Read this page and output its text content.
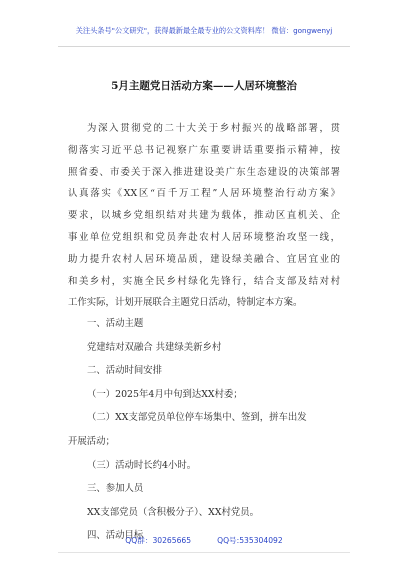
关注头条号"公文研究"，获得最新最全最专业的公文资料库！ 微信：gongwenyj
5月主题党日活动方案——人居环境整治
为深入贯彻党的二十大关于乡村振兴的战略部署，贯
彻落实习近平总书记视察广东重要讲话重要指示精神，按
照省委、市委关于深入推进建设美广东生态建设的决策部署
认真落实《XX区“百千万工程”人居环境整治行动方案》
要求，以城乡党组织结对共建为载体，推动区直机关、企
事业单位党组织和党员奔赴农村人居环境整治攻坚一线，
助力提升农村人居环境品质，建设绿美融合、宜居宜业的
和美乡村，实施全民乡村绿化先锋行，结合支部及结对村
工作实际，计划开展联合主题党日活动，特制定本方案。
一、活动主题
党建结对双融合 共建绿美新乡村
二、活动时间安排
（一）2025年4月中旬到达XX村委；
（二）XX支部党员单位停车场集中、签到，拼车出发
开展活动；
（三）活动时长约4小时。
三、参加人员
XX支部党员（含积极分子）、XX村党员。
四、活动目标
QQ群：30265665	QQ号:535304092
